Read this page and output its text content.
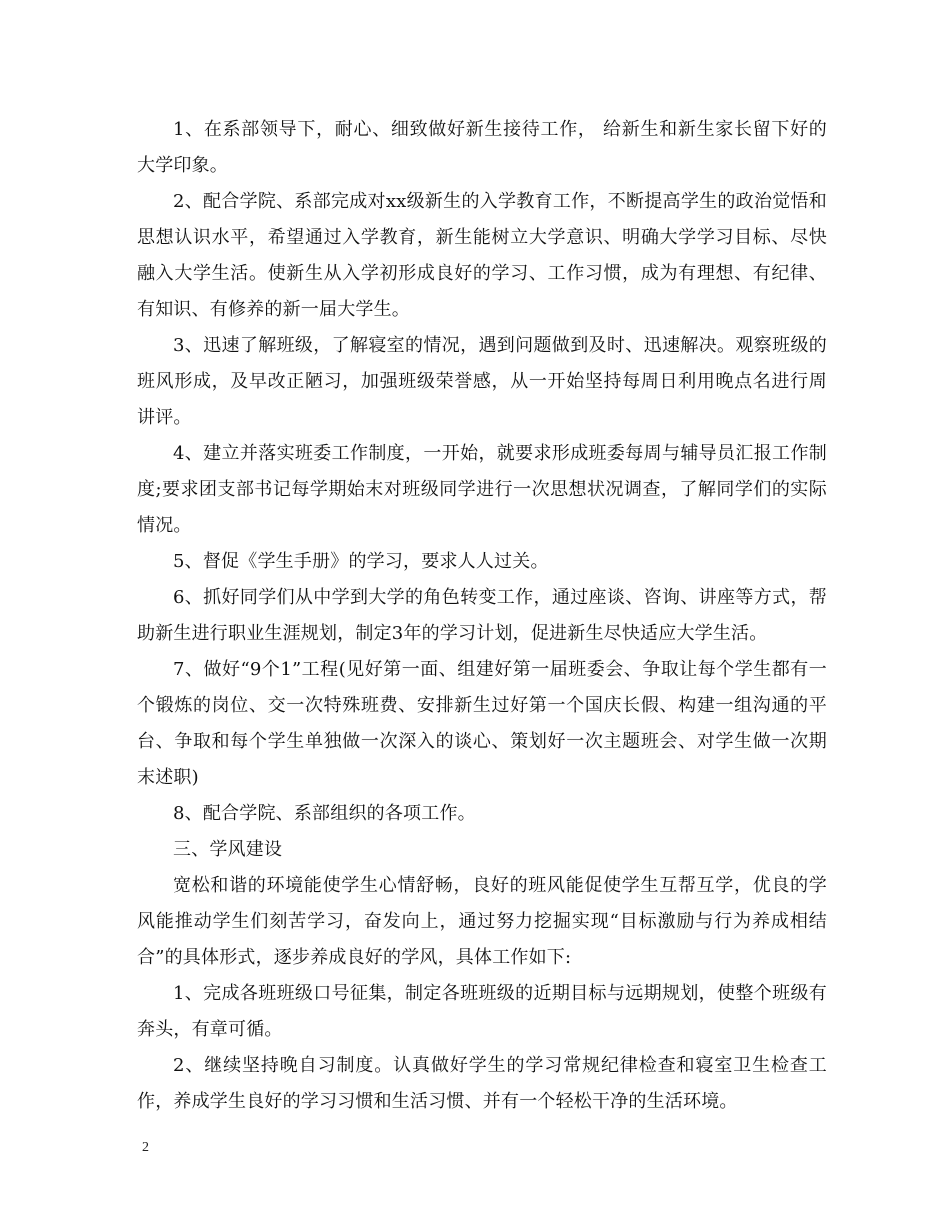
1、在系部领导下，耐心、细致做好新生接待工作， 给新生和新生家长留下好的大学印象。

2、配合学院、系部完成对xx级新生的入学教育工作，不断提高学生的政治觉悟和思想认识水平，希望通过入学教育，新生能树立大学意识、明确大学学习目标、尽快融入大学生活。使新生从入学初形成良好的学习、工作习惯，成为有理想、有纪律、有知识、有修养的新一届大学生。

3、迅速了解班级，了解寝室的情况，遇到问题做到及时、迅速解决。观察班级的班风形成，及早改正陋习，加强班级荣誉感，从一开始坚持每周日利用晚点名进行周讲评。

4、建立并落实班委工作制度，一开始，就要求形成班委每周与辅导员汇报工作制度;要求团支部书记每学期始末对班级同学进行一次思想状况调查，了解同学们的实际情况。

5、督促《学生手册》的学习，要求人人过关。

6、抓好同学们从中学到大学的角色转变工作，通过座谈、咨询、讲座等方式，帮助新生进行职业生涯规划，制定3年的学习计划，促进新生尽快适应大学生活。

7、做好“9个1”工程(见好第一面、组建好第一届班委会、争取让每个学生都有一个锻炼的岗位、交一次特殊班费、安排新生过好第一个国庆长假、构建一组沟通的平台、争取和每个学生单独做一次深入的谈心、策划好一次主题班会、对学生做一次期末述职)

8、配合学院、系部组织的各项工作。

三、学风建设

宽松和谐的环境能使学生心情舒畅，良好的班风能促使学生互帮互学，优良的学风能推动学生们刻苦学习，奋发向上，通过努力挖掘实现“目标激励与行为养成相结合”的具体形式，逐步养成良好的学风，具体工作如下:

1、完成各班班级口号征集，制定各班班级的近期目标与远期规划，使整个班级有奔头，有章可循。

2、继续坚持晚自习制度。认真做好学生的学习常规纪律检查和寝室卫生检查工作，养成学生良好的学习习惯和生活习惯、并有一个轻松干净的生活环境。

2
